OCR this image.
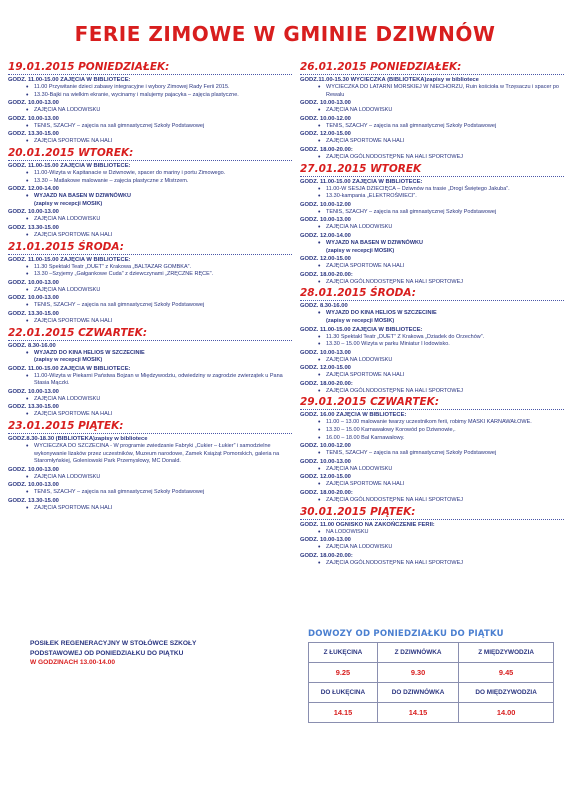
FERIE ZIMOWE W GMINIE DZIWNÓW
19.01.2015 PONIEDZIAŁEK:
GODZ. 11.00-15.00 ZAJĘCIA W BIBLIOTECE:
• 11.00 Przywitanie dzieci zabawy integracyjne i wybory Zimowej Rady Ferii 2015.
• 13.30-Bajki na wielkim ekranie, wycinamy i malujemy pajacyka – zajęcia plastyczne.
GODZ. 10.00-13.00
• ZAJĘCIA NA LODOWISKU
GODZ. 10.00-13.00
• TENIS, SZACHY – zajęcia na sali gimnastycznej Szkoły Podstawowej
GODZ. 13.30-15.00
• ZAJĘCIA SPORTOWE NA HALI
20.01.2015 WTOREK:
GODZ. 11.00-15.00 ZAJĘCIA W BIBLIOTECE:
• 11.00-Wizyta w Kapitanacie w Dziwnowie, spacer do mariny i portu Zimowego.
• 13.30 – Matlakowe malowanie – zajęcia plastyczne z Mistrzem.
GODZ. 12.00-14.00
• WYJAZD NA BASEN W DZIWNÓWKU
(zapisy w recepcji MOSIK)
GODZ. 10.00-13.00
• ZAJĘCIA NA LODOWISKU
GODZ. 13.30-15.00
• ZAJĘCIA SPORTOWE NA HALI
21.01.2015 ŚRODA:
GODZ. 11.00-15.00 ZAJĘCIA W BIBLIOTECE:
• 11.30 Spektakl Teatr „DUET” z Krakowa „BALTAZAR GOMBKA”.
• 13.30 –Szyjemy „Gałgankowe Cuda” z dziewczynami „ZRĘCZNE RĘCE”.
GODZ. 10.00-13.00
• ZAJĘCIA NA LODOWISKU
GODZ. 10.00-13.00
• TENIS, SZACHY – zajęcia na sali gimnastycznej Szkoły Podstawowej
GODZ. 13.30-15.00
• ZAJĘCIA SPORTOWE NA HALI
22.01.2015 CZWARTEK:
GODZ. 8.30-16.00
• WYJAZD DO KINA HELIOS W SZCZECINIE
(zapisy w recepcji MOSIK)
GODZ. 11.00-15.00 ZAJĘCIA W BIBLIOTECE:
• 11.00-Wizyta w Piekarni Państwa Bojzan w Międzywodziu, odwiedziny w zagrodzie zwierzątek u Pana Stasia Mączki.
GODZ. 10.00-13.00
• ZAJĘCIA NA LODOWISKU
GODZ. 13.30-15.00
• ZAJĘCIA SPORTOWE NA HALI
23.01.2015 PIĄTEK:
GODZ.8.30-18.30 (BIBLIOTEKA)zapisy w bibliotece
• WYCIECZKA DO SZCZECINA - W programie zwiedzanie Fabryki „Cukier – Łukier” i samodzielne wykonywanie lizaków przez uczestników, Muzeum narodowe, Zamek Książąt Pomorskich, galeria na Staromłyńskiej, Goleniowski Park Przemysłowy, MC Donald.
GODZ. 10.00-13.00
• ZAJĘCIA NA LODOWISKU
GODZ. 10.00-13.00
• TENIS, SZACHY – zajęcia na sali gimnastycznej Szkoły Podstawowej
GODZ. 13.30-15.00
• ZAJĘCIA SPORTOWE NA HALI
26.01.2015 PONIEDZIAŁEK:
GODZ.11.00-15.30 WYCIECZKA (BIBLIOTEKA)zapisy w bibliotece
• WYCIECZKA DO LATARNI MORSKIEJ W NIECHORZU, Ruin kościoła w Trzęsaczu i spacer po Rewalu
GODZ. 10.00-13.00
• ZAJĘCIA NA LODOWISKU
GODZ. 10.00-12.00
• TENIS, SZACHY – zajęcia na sali gimnastycznej Szkoły Podstawowej
GODZ. 12.00-15.00
• ZAJĘCIA SPORTOWE NA HALI
GODZ. 18.00-20.00:
• ZAJĘCIA OGÓLNODOSTĘPNE NA HALI SPORTOWEJ
27.01.2015 WTOREK
GODZ. 11.00-15.00 ZAJĘCIA W BIBLIOTECE:
• 11.00-W SESJA DZIECIĘCA – Dziwnów na trasie „Drogi Świętego Jakuba”.
• 13.30-kampania „ELEKTROŚMIECI”.
GODZ. 10.00-12.00
• TENIS, SZACHY – zajęcia na sali gimnastycznej Szkoły Podstawowej
GODZ. 10.00-13.00
• ZAJĘCIA NA LODOWISKU
GODZ. 12.00-14.00
• WYJAZD NA BASEN W DZIWNÓWKU
(zapisy w recepcji MOSIK)
GODZ. 12.00-15.00
• ZAJĘCIA SPORTOWE NA HALI
GODZ. 18.00-20.00:
• ZAJĘCIA OGÓLNODOSTĘPNE NA HALI SPORTOWEJ
28.01.2015 ŚRODA:
GODZ. 8.30-16.00
• WYJAZD DO KINA HELIOS W SZCZECINIE
(zapisy w recepcji MOSIK)
GODZ. 11.00-15.00 ZAJĘCIA W BIBLIOTECE:
• 11.30 Spektakl Teatr „DUET” Z Krakowa „Dziadek do Orzechów”.
• 13.30 – 15.00 Wizyta w parku Miniatur I lodowisko.
GODZ. 10.00-13.00
• ZAJĘCIA NA LODOWISKU
GODZ. 12.00-15.00
• ZAJĘCIA SPORTOWE NA HALI
GODZ. 18.00-20.00:
• ZAJĘCIA OGÓLNODOSTĘPNE NA HALI SPORTOWEJ
29.01.2015 CZWARTEK:
GODZ. 16.00 ZAJĘCIA W BIBLIOTECE:
• 11.00 – 13.00 malowanie twarzy uczestnikom ferii, robimy MASKI KARNAWAŁOWE.
• 13.30 – 15.00 Karnawałowy Korowód po Dziwnowie,.
• 16.00 – 18.00 Bal Karnawałowy.
GODZ. 10.00-12.00
• TENIS, SZACHY – zajęcia na sali gimnastycznej Szkoły Podstawowej
GODZ. 10.00-13.00
• ZAJĘCIA NA LODOWISKU
GODZ. 12.00-15.00
• ZAJĘCIA SPORTOWE NA HALI
GODZ. 18.00-20.00:
• ZAJĘCIA OGÓLNODOSTĘPNE NA HALI SPORTOWEJ
30.01.2015 PIĄTEK:
GODZ. 11.00 OGNISKO NA ZAKOŃCZENIE FERII:
• NA LODOWISKU
GODZ. 10.00-13.00
• ZAJĘCIA NA LODOWISKU
GODZ. 18.00-20.00:
• ZAJĘCIA OGÓLNODOSTĘPNE NA HALI SPORTOWEJ
POSIŁEK REGENERACYJNY W STOŁÓWCE SZKOŁY
PODSTAWOWEJ OD PONIEDZIAŁKU DO PIĄTKU
W GODZINACH 13.00-14.00
DOWOZY OD PONIEDZIAŁKU DO PIĄTKU
Z ŁUKĘCINA	Z DZIWNÓWKA	Z MIĘDZYWODZIA
9.25	9.30	9.45
DO ŁUKĘCINA	DO DZIWNÓWKA	DO MIĘDZYWODZIA
14.15	14.15	14.00
